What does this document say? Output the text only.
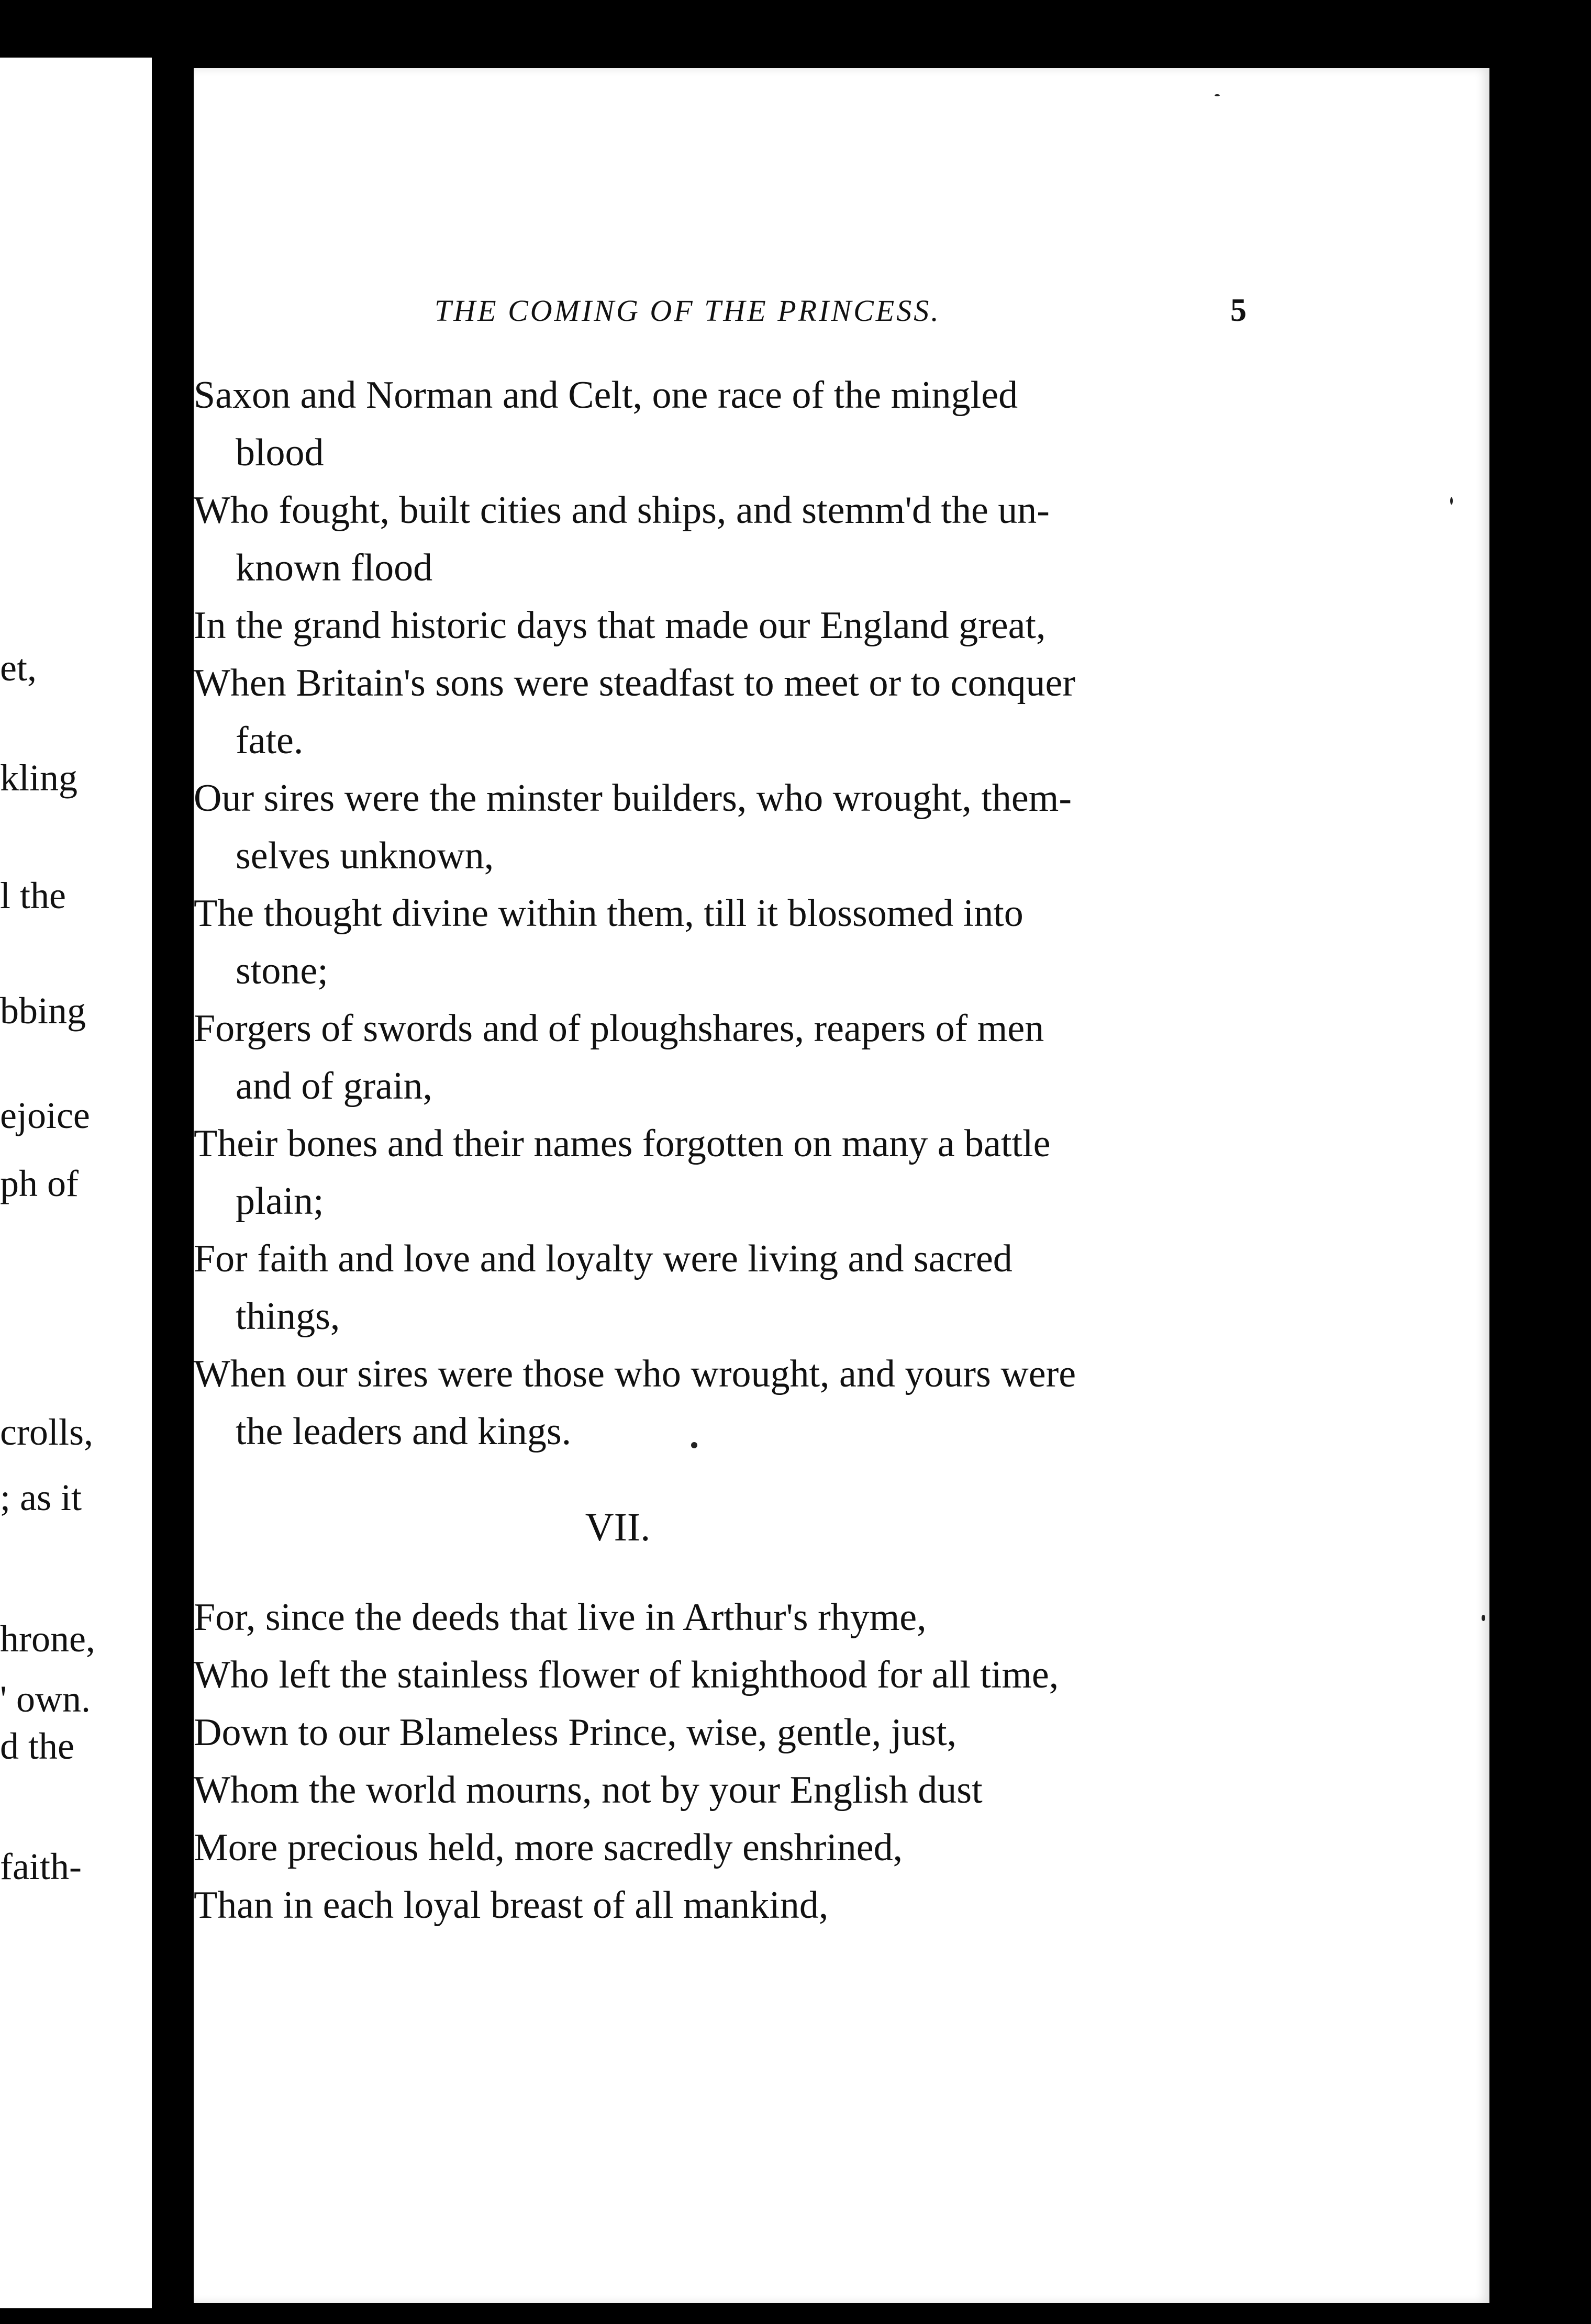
et,
kling
l the
bbing
ejoice
ph of
crolls,
; as it
hrone,
' own.
d the
faith-
THE COMING OF THE PRINCESS.	5
Saxon and Norman and Celt, one race of the mingled
blood
Who fought, built cities and ships, and stemm'd the un-
known flood
In the grand historic days that made our England great,
When Britain's sons were steadfast to meet or to conquer
fate.
Our sires were the minster builders, who wrought, them-
selves unknown,
The thought divine within them, till it blossomed into
stone;
Forgers of swords and of ploughshares, reapers of men
and of grain,
Their bones and their names forgotten on many a battle
plain;
For faith and love and loyalty were living and sacred
things,
When our sires were those who wrought, and yours were
the leaders and kings.
VII.
For, since the deeds that live in Arthur's rhyme,
Who left the stainless flower of knighthood for all time,
Down to our Blameless Prince, wise, gentle, just,
Whom the world mourns, not by your English dust
More precious held, more sacredly enshrined,
Than in each loyal breast of all mankind,
